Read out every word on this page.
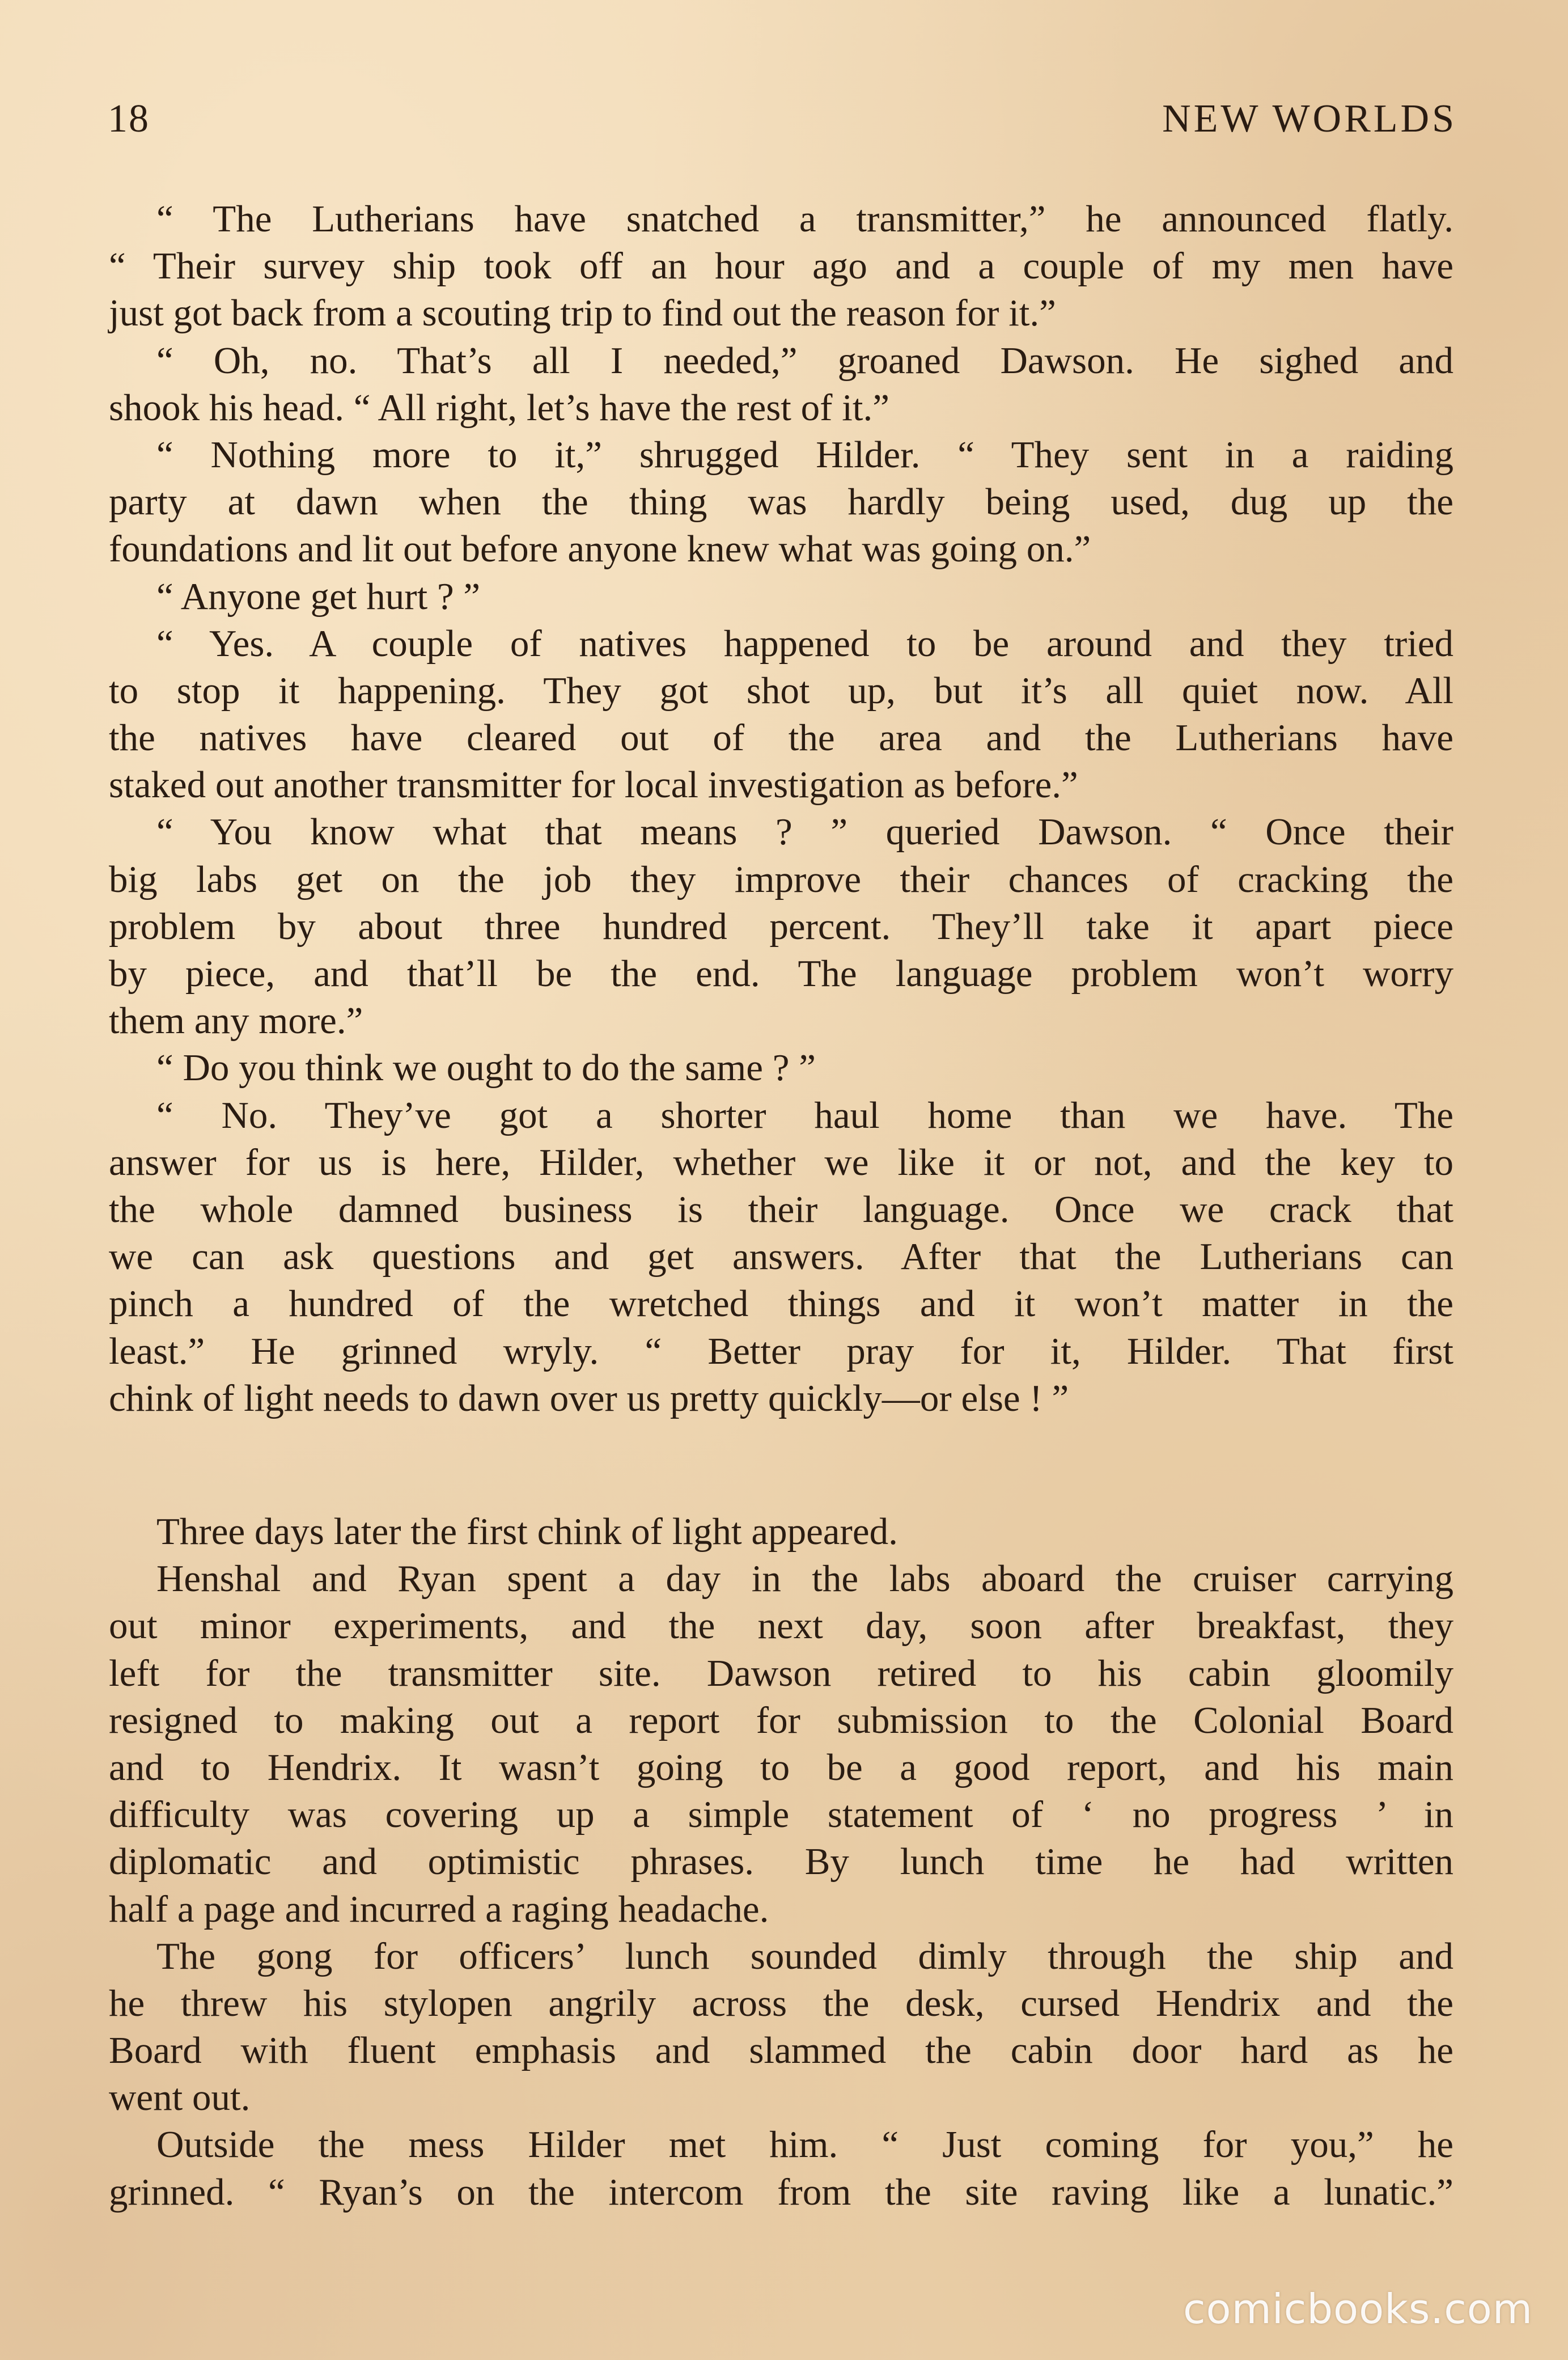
18	NEW WORLDS
“ The Lutherians have snatched a transmitter,” he announced flatly.
“ Their survey ship took off an hour ago and a couple of my men have
just got back from a scouting trip to find out the reason for it.”
“ Oh, no. That’s all I needed,” groaned Dawson. He sighed and
shook his head. “ All right, let’s have the rest of it.”
“ Nothing more to it,” shrugged Hilder. “ They sent in a raiding
party at dawn when the thing was hardly being used, dug up the
foundations and lit out before anyone knew what was going on.”
“ Anyone get hurt ? ”
“ Yes. A couple of natives happened to be around and they tried
to stop it happening. They got shot up, but it’s all quiet now. All
the natives have cleared out of the area and the Lutherians have
staked out another transmitter for local investigation as before.”
“ You know what that means ? ” queried Dawson. “ Once their
big labs get on the job they improve their chances of cracking the
problem by about three hundred percent. They’ll take it apart piece
by piece, and that’ll be the end. The language problem won’t worry
them any more.”
“ Do you think we ought to do the same ? ”
“ No. They’ve got a shorter haul home than we have. The
answer for us is here, Hilder, whether we like it or not, and the key to
the whole damned business is their language. Once we crack that
we can ask questions and get answers. After that the Lutherians can
pinch a hundred of the wretched things and it won’t matter in the
least.” He grinned wryly. “ Better pray for it, Hilder. That first
chink of light needs to dawn over us pretty quickly—or else ! ”
Three days later the first chink of light appeared.
Henshal and Ryan spent a day in the labs aboard the cruiser carrying
out minor experiments, and the next day, soon after breakfast, they
left for the transmitter site. Dawson retired to his cabin gloomily
resigned to making out a report for submission to the Colonial Board
and to Hendrix. It wasn’t going to be a good report, and his main
difficulty was covering up a simple statement of ‘ no progress ’ in
diplomatic and optimistic phrases. By lunch time he had written
half a page and incurred a raging headache.
The gong for officers’ lunch sounded dimly through the ship and
he threw his stylopen angrily across the desk, cursed Hendrix and the
Board with fluent emphasis and slammed the cabin door hard as he
went out.
Outside the mess Hilder met him. “ Just coming for you,” he
grinned. “ Ryan’s on the intercom from the site raving like a lunatic.”
comicbooks.com
